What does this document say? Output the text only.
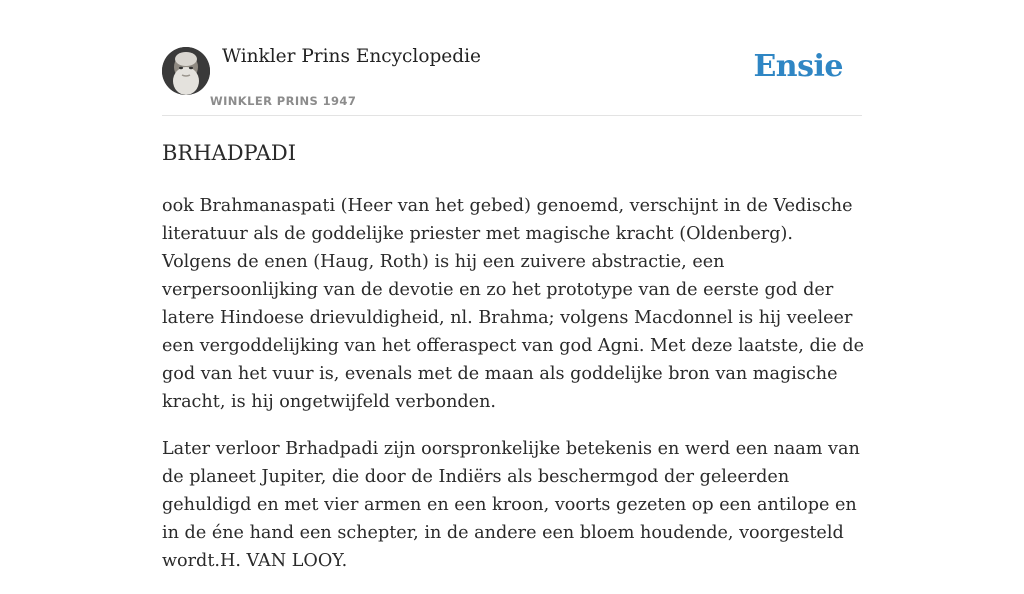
Winkler Prins Encyclopedie
WINKLER PRINS 1947
Ensie
BRHADPADI

ook Brahmanaspati (Heer van het gebed) genoemd, verschijnt in de Vedische literatuur als de goddelijke priester met magische kracht (Oldenberg). Volgens de enen (Haug, Roth) is hij een zuivere abstractie, een verpersoonlijking van de devotie en zo het prototype van de eerste god der latere Hindoese drievuldigheid, nl. Brahma; volgens Macdonnel is hij veeleer een vergoddelijking van het offeraspect van god Agni. Met deze laatste, die de god van het vuur is, evenals met de maan als goddelijke bron van magische kracht, is hij ongetwijfeld verbonden.

Later verloor Brhadpadi zijn oorspronkelijke betekenis en werd een naam van de planeet Jupiter, die door de Indiërs als beschermgod der geleerden gehuldigd en met vier armen en een kroon, voorts gezeten op een antilope en in de éne hand een schepter, in de andere een bloem houdende, voorgesteld wordt.H. VAN LOOY.
